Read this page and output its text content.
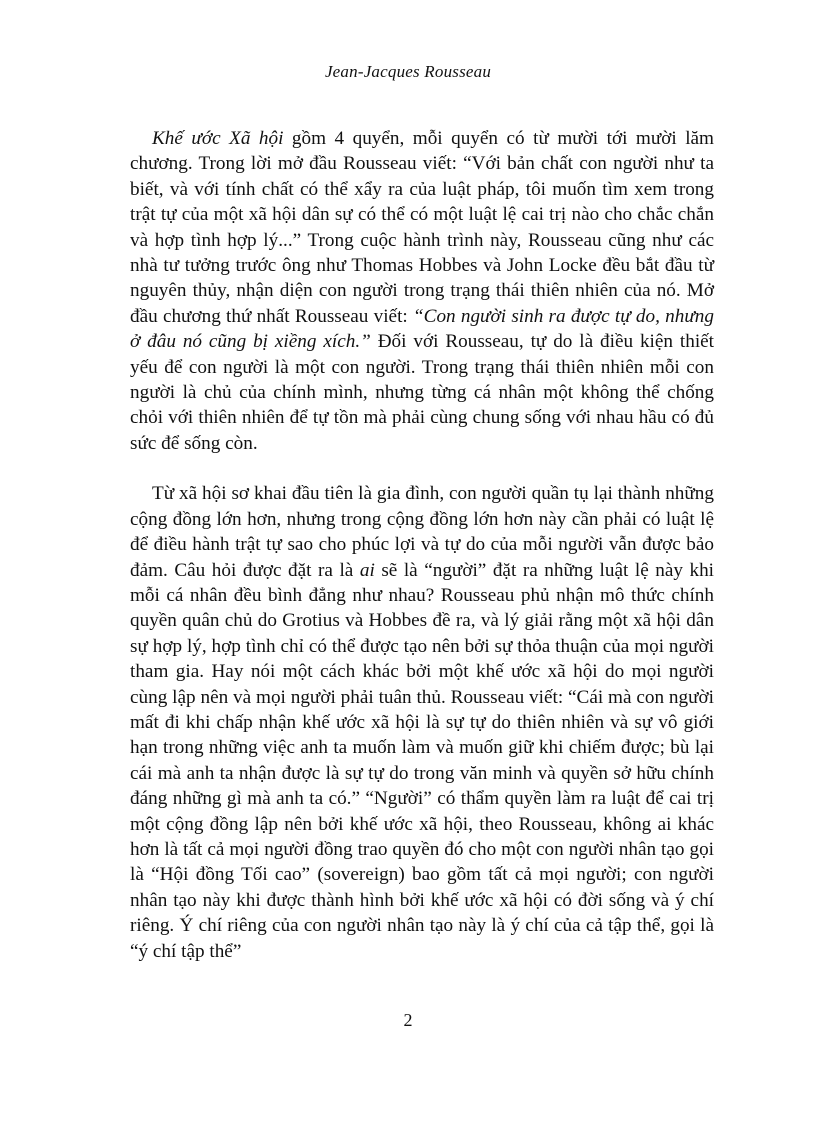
Jean-Jacques Rousseau

Khế ước Xã hội gồm 4 quyển, mỗi quyển có từ mười tới mười lăm chương. Trong lời mở đầu Rousseau viết: “Với bản chất con người như ta biết, và với tính chất có thể xẩy ra của luật pháp, tôi muốn tìm xem trong trật tự của một xã hội dân sự có thể có một luật lệ cai trị nào cho chắc chắn và hợp tình hợp lý...” Trong cuộc hành trình này, Rousseau cũng như các nhà tư tưởng trước ông như Thomas Hobbes và John Locke đều bắt đầu từ nguyên thủy, nhận diện con người trong trạng thái thiên nhiên của nó. Mở đầu chương thứ nhất Rousseau viết: “Con người sinh ra được tự do, nhưng ở đâu nó cũng bị xiềng xích.” Đối với Rousseau, tự do là điều kiện thiết yếu để con người là một con người. Trong trạng thái thiên nhiên mỗi con người là chủ của chính mình, nhưng từng cá nhân một không thể chống chỏi với thiên nhiên để tự tồn mà phải cùng chung sống với nhau hầu có đủ sức để sống còn.

Từ xã hội sơ khai đầu tiên là gia đình, con người quần tụ lại thành những cộng đồng lớn hơn, nhưng trong cộng đồng lớn hơn này cần phải có luật lệ để điều hành trật tự sao cho phúc lợi và tự do của mỗi người vẫn được bảo đảm. Câu hỏi được đặt ra là ai sẽ là “người” đặt ra những luật lệ này khi mỗi cá nhân đều bình đẳng như nhau? Rousseau phủ nhận mô thức chính quyền quân chủ do Grotius và Hobbes đề ra, và lý giải rằng một xã hội dân sự hợp lý, hợp tình chỉ có thể được tạo nên bởi sự thỏa thuận của mọi người tham gia. Hay nói một cách khác bởi một khế ước xã hội do mọi người cùng lập nên và mọi người phải tuân thủ. Rousseau viết: “Cái mà con người mất đi khi chấp nhận khế ước xã hội là sự tự do thiên nhiên và sự vô giới hạn trong những việc anh ta muốn làm và muốn giữ khi chiếm được; bù lại cái mà anh ta nhận được là sự tự do trong văn minh và quyền sở hữu chính đáng những gì mà anh ta có.” “Người” có thẩm quyền làm ra luật để cai trị một cộng đồng lập nên bởi khế ước xã hội, theo Rousseau, không ai khác hơn là tất cả mọi người đồng trao quyền đó cho một con người nhân tạo gọi là “Hội đồng Tối cao” (sovereign) bao gồm tất cả mọi người; con người nhân tạo này khi được thành hình bởi khế ước xã hội có đời sống và ý chí riêng. Ý chí riêng của con người nhân tạo này là ý chí của cả tập thể, gọi là “ý chí tập thể”

2
